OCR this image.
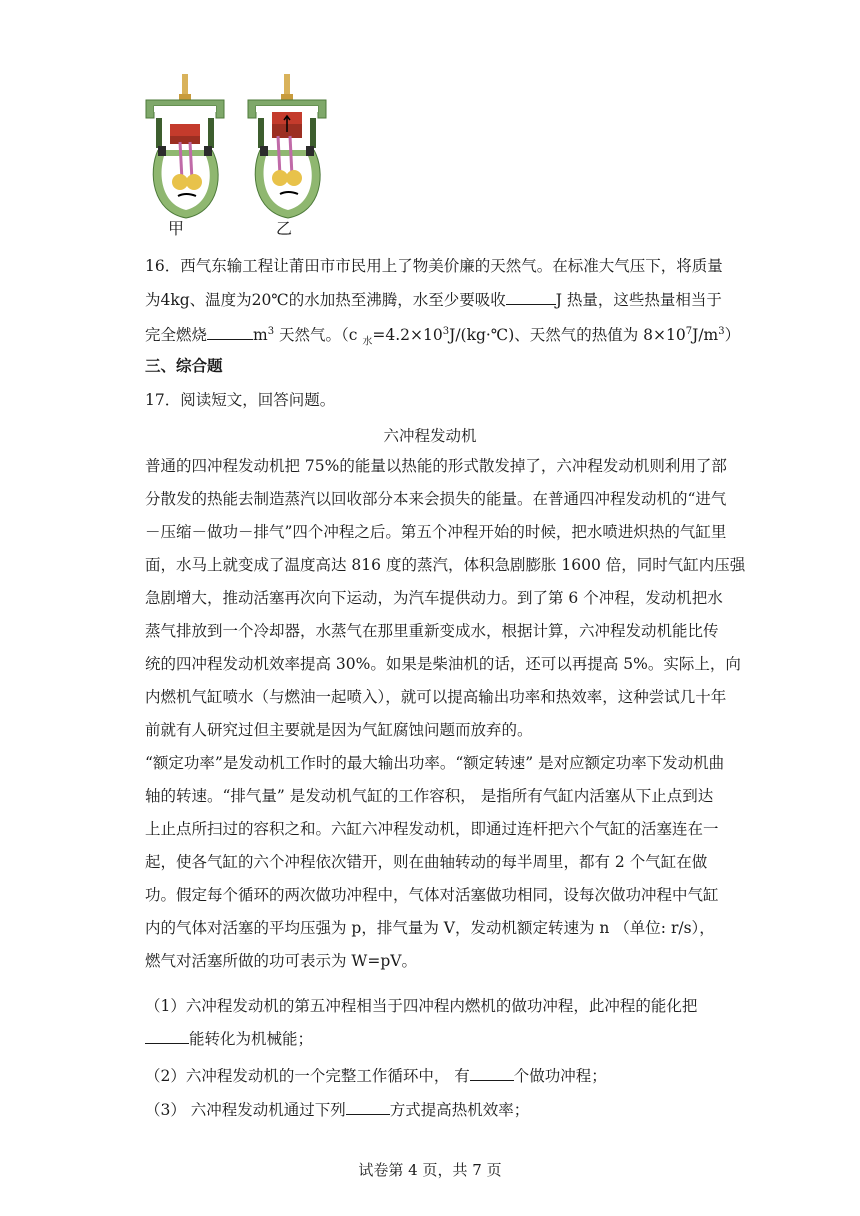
甲	乙
16．西气东输工程让莆田市市民用上了物美价廉的天然气。在标准大气压下，将质量
为4kg、温度为20℃的水加热至沸腾，水至少要吸收	J 热量，这些热量相当于
完全燃烧	$m^3$ 天然气。（c $_水=4.2\times 10^3J/(kg\cdot℃)$、天然气的热值为 $8\times 10^7J/m^3$）
三、综合题
17．阅读短文，回答问题。
六冲程发动机
普通的四冲程发动机把 75%的能量以热能的形式散发掉了，六冲程发动机则利用了部
分散发的热能去制造蒸汽以回收部分本来会损失的能量。在普通四冲程发动机的“进气
－压缩－做功－排气”四个冲程之后。第五个冲程开始的时候，把水喷进炽热的气缸里
面，水马上就变成了温度高达 816 度的蒸汽，体积急剧膨胀 1600 倍，同时气缸内压强
急剧增大，推动活塞再次向下运动，为汽车提供动力。到了第 6 个冲程，发动机把水
蒸气排放到一个冷却器，水蒸气在那里重新变成水，根据计算，六冲程发动机能比传
统的四冲程发动机效率提高 30%。如果是柴油机的话，还可以再提高 5%。实际上，向
内燃机气缸喷水（与燃油一起喷入），就可以提高输出功率和热效率，这种尝试几十年
前就有人研究过但主要就是因为气缸腐蚀问题而放弃的。
“额定功率”是发动机工作时的最大输出功率。“额定转速” 是对应额定功率下发动机曲
轴的转速。“排气量” 是发动机气缸的工作容积， 是指所有气缸内活塞从下止点到达
上止点所扫过的容积之和。六缸六冲程发动机，即通过连杆把六个气缸的活塞连在一
起，使各气缸的六个冲程依次错开，则在曲轴转动的每半周里，都有 2 个气缸在做
功。假定每个循环的两次做功冲程中，气体对活塞做功相同，设每次做功冲程中气缸
内的气体对活塞的平均压强为 p，排气量为 V，发动机额定转速为 n （单位: r/s），
燃气对活塞所做的功可表示为 W=pV。
（1）六冲程发动机的第五冲程相当于四冲程内燃机的做功冲程，此冲程的能化把
能转化为机械能；
（2）六冲程发动机的一个完整工作循环中， 有	个做功冲程；
（3） 六冲程发动机通过下列	方式提高热机效率；
试卷第 4 页，共 7 页
